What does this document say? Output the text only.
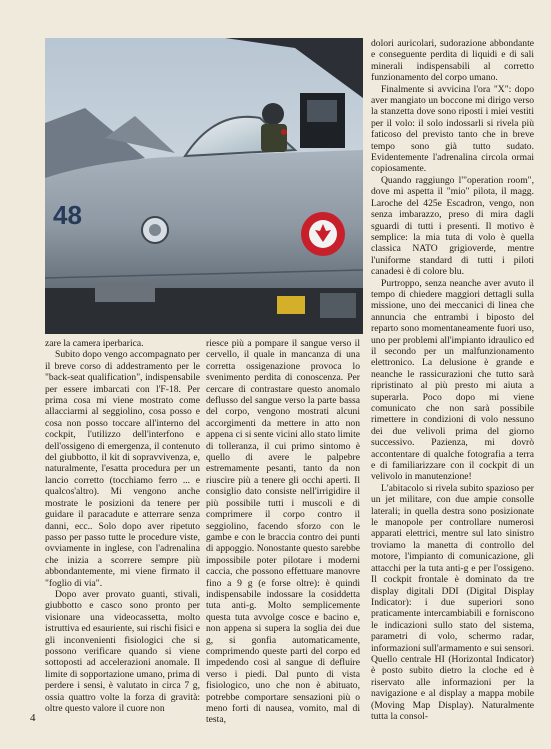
48

zare la camera iperbarica.

Subito dopo vengo accompagnato per il breve corso di addestramento per le "back-seat qualification", indispensabile per essere imbarcati con l'F-18. Per prima cosa mi viene mostrato come allacciarmi al seggiolino, cosa posso e cosa non posso toccare all'interno del cockpit, l'utilizzo dell'interfono e dell'ossigeno di emergenza, il contenuto del giubbotto, il kit di sopravvivenza, e, naturalmente, l'esatta procedura per un lancio corretto (tocchiamo ferro ... e qualcos'altro). Mi vengono anche mostrate le posizioni da tenere per guidare il paracadute e atterrare senza danni, ecc.. Solo dopo aver ripetuto passo per passo tutte le procedure viste, ovviamente in inglese, con l'adrenalina che inizia a scorrere sempre più abbondantemente, mi viene firmato il "foglio di via".

Dopo aver provato guanti, stivali, giubbotto e casco sono pronto per visionare una videocassetta, molto istruttiva ed esauriente, sui rischi fisici e gli inconvenienti fisiologici che si possono verificare quando si viene sottoposti ad accelerazioni anomale. Il limite di sopportazione umano, prima di perdere i sensi, è valutato in circa 7 g, ossia quattro volte la forza di gravità: oltre questo valore il cuore non

riesce più a pompare il sangue verso il cervello, il quale in mancanza di una corretta ossigenazione provoca lo svenimento perdita di conoscenza. Per cercare di contrastare questo anomalo deflusso del sangue verso la parte bassa del corpo, vengono mostrati alcuni accorgimenti da mettere in atto non appena ci si sente vicini allo stato limite di tolleranza, il cui primo sintomo è quello di avere le palpebre estremamente pesanti, tanto da non riuscire più a tenere gli occhi aperti. Il consiglio dato consiste nell'irrigidire il più possibile tutti i muscoli e di comprimere il corpo contro il seggiolino, facendo sforzo con le gambe e con le braccia contro dei punti di appoggio. Nonostante questo sarebbe impossibile poter pilotare i moderni caccia, che possono effettuare manovre fino a 9 g (e forse oltre): è quindi indispensabile indossare la cosiddetta tuta anti-g. Molto semplicemente questa tuta avvolge cosce e bacino e, non appena si supera la soglia dei due g, si gonfia automaticamente, comprimendo queste parti del corpo ed impedendo così al sangue di defluire verso i piedi. Dal punto di vista fisiologico, uno che non è abituato, potrebbe comportare sensazioni più o meno forti di nausea, vomito, mal di testa,

dolori auricolari, sudorazione abbondante e conseguente perdita di liquidi e di sali minerali indispensabili al corretto funzionamento del corpo umano.

Finalmente si avvicina l'ora "X": dopo aver mangiato un boccone mi dirigo verso la stanzetta dove sono riposti i miei vestiti per il volo: il solo indossarli si rivela più faticoso del previsto tanto che in breve tempo sono già tutto sudato. Evidentemente l'adrenalina circola ormai copiosamente.

Quando raggiungo l'"operation room", dove mi aspetta il "mio" pilota, il magg. Laroche del 425e Escadron, vengo, non senza imbarazzo, preso di mira dagli sguardi di tutti i presenti. Il motivo è semplice: la mia tuta di volo è quella classica NATO grigioverde, mentre l'uniforme standard di tutti i piloti canadesi è di colore blu.

Purtroppo, senza neanche aver avuto il tempo di chiedere maggiori dettagli sulla missione, uno dei meccanici di linea che annuncia che entrambi i biposto del reparto sono momentaneamente fuori uso, uno per problemi all'impianto idraulico ed il secondo per un malfunzionamento elettronico. La delusione è grande e neanche le rassicurazioni che tutto sarà ripristinato al più presto mi aiuta a superarla. Poco dopo mi viene comunicato che non sarà possibile rimettere in condizioni di volo nessuno dei due velivoli prima del giorno successivo. Pazienza, mi dovrò accontentare di qualche fotografia a terra e di familiarizzare con il cockpit di un velivolo in manutenzione!

L'abitacolo si rivela subito spazioso per un jet militare, con due ampie consolle laterali; in quella destra sono posizionate le manopole per controllare numerosi apparati elettrici, mentre sul lato sinistro troviamo la manetta di controllo del motore, l'impianto di comunicazione, gli attacchi per la tuta anti-g e per l'ossigeno. Il cockpit frontale è dominato da tre display digitali DDI (Digital Display Indicator): i due superiori sono praticamente intercambiabili e forniscono le indicazioni sullo stato del sistema, parametri di volo, schermo radar, informazioni sull'armamento e sui sensori. Quello centrale HI (Horizontal Indicator) è posto subito dietro la cloche ed è riservato alle informazioni per la navigazione e al display a mappa mobile (Moving Map Display). Naturalmente tutta la consol-

4
